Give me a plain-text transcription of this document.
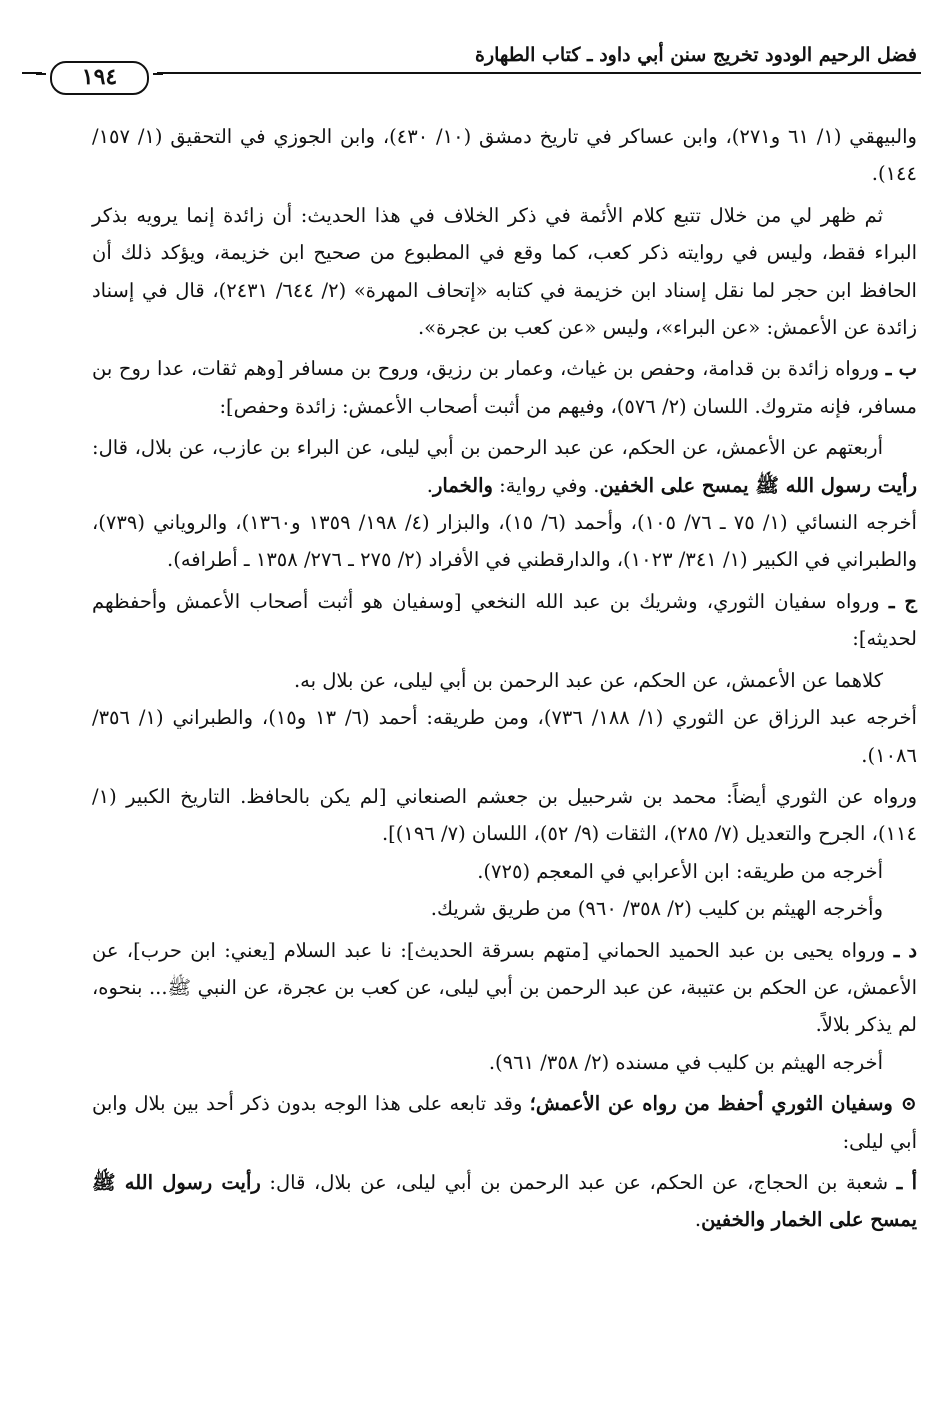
فضل الرحيم الودود تخريج سنن أبي داود ـ كتاب الطهارة
١٩٤

والبيهقي (١/ ٦١ و٢٧١)، وابن عساكر في تاريخ دمشق (١٠/ ٤٣٠)، وابن الجوزي في التحقيق (١/ ١٥٧/ ١٤٤).

ثم ظهر لي من خلال تتبع كلام الأئمة في ذكر الخلاف في هذا الحديث: أن زائدة إنما يرويه بذكر البراء فقط، وليس في روايته ذكر كعب، كما وقع في المطبوع من صحيح ابن خزيمة، ويؤكد ذلك أن الحافظ ابن حجر لما نقل إسناد ابن خزيمة في كتابه «إتحاف المهرة» (٢/ ٦٤٤/ ٢٤٣١)، قال في إسناد زائدة عن الأعمش: «عن البراء»، وليس «عن كعب بن عجرة».

ب ـ ورواه زائدة بن قدامة، وحفص بن غياث، وعمار بن رزيق، وروح بن مسافر [وهم ثقات، عدا روح بن مسافر، فإنه متروك. اللسان (٢/ ٥٧٦)، وفيهم من أثبت أصحاب الأعمش: زائدة وحفص]:

أربعتهم عن الأعمش، عن الحكم، عن عبد الرحمن بن أبي ليلى، عن البراء بن عازب، عن بلال، قال: رأيت رسول الله ﷺ يمسح على الخفين. وفي رواية: والخمار.

أخرجه النسائي (١/ ٧٥ ـ ٧٦/ ١٠٥)، وأحمد (٦/ ١٥)، والبزار (٤/ ١٩٨/ ١٣٥٩ و١٣٦٠)، والروياني (٧٣٩)، والطبراني في الكبير (١/ ٣٤١/ ١٠٢٣)، والدارقطني في الأفراد (٢/ ٢٧٥ ـ ٢٧٦/ ١٣٥٨ ـ أطرافه).

ج ـ ورواه سفيان الثوري، وشريك بن عبد الله النخعي [وسفيان هو أثبت أصحاب الأعمش وأحفظهم لحديثه]:

كلاهما عن الأعمش، عن الحكم، عن عبد الرحمن بن أبي ليلى، عن بلال به.

أخرجه عبد الرزاق عن الثوري (١/ ١٨٨/ ٧٣٦)، ومن طريقه: أحمد (٦/ ١٣ و١٥)، والطبراني (١/ ٣٥٦/ ١٠٨٦).

ورواه عن الثوري أيضاً: محمد بن شرحبيل بن جعشم الصنعاني [لم يكن بالحافظ. التاريخ الكبير (١/ ١١٤)، الجرح والتعديل (٧/ ٢٨٥)، الثقات (٩/ ٥٢)، اللسان (٧/ ١٩٦)].

أخرجه من طريقه: ابن الأعرابي في المعجم (٧٢٥).

وأخرجه الهيثم بن كليب (٢/ ٣٥٨/ ٩٦٠) من طريق شريك.

د ـ ورواه يحيى بن عبد الحميد الحماني [متهم بسرقة الحديث]: نا عبد السلام [يعني: ابن حرب]، عن الأعمش، عن الحكم بن عتيبة، عن عبد الرحمن بن أبي ليلى، عن كعب بن عجرة، عن النبي ﷺ... بنحوه، لم يذكر بلالاً.

أخرجه الهيثم بن كليب في مسنده (٢/ ٣٥٨/ ٩٦١).

⊙ وسفيان الثوري أحفظ من رواه عن الأعمش؛ وقد تابعه على هذا الوجه بدون ذكر أحد بين بلال وابن أبي ليلى:

أ ـ شعبة بن الحجاج، عن الحكم، عن عبد الرحمن بن أبي ليلى، عن بلال، قال: رأيت رسول الله ﷺ يمسح على الخمار والخفين.
